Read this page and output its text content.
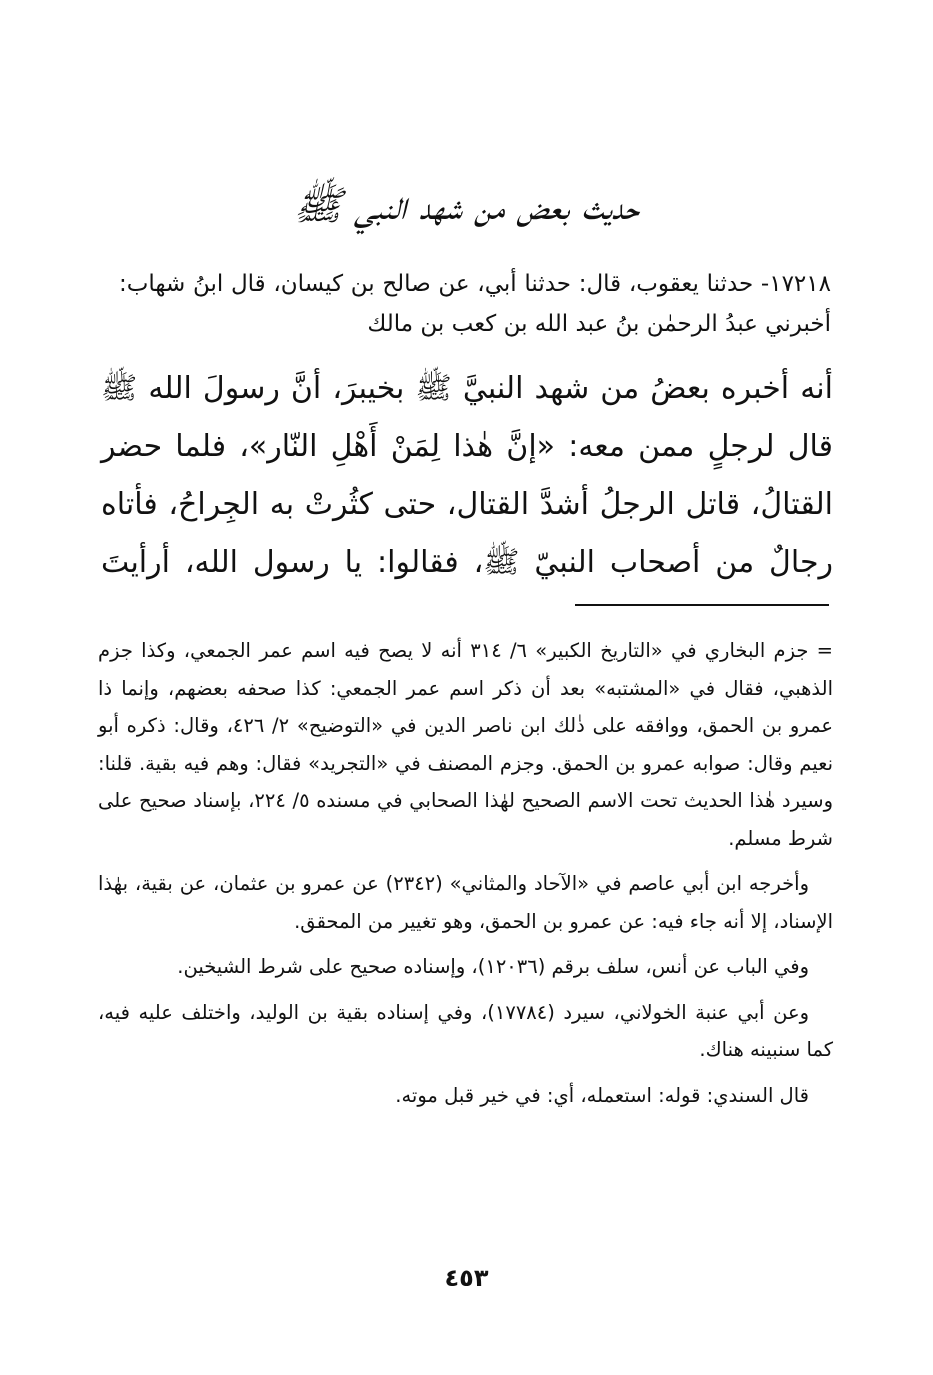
حديث بعض من شهد النبي ﷺ

١٧٢١٨- حدثنا يعقوب، قال: حدثنا أبي، عن صالح بن كيسان، قال ابنُ شهاب: أخبرني عبدُ الرحمٰن بنُ عبد الله بن كعب بن مالك

أنه أخبره بعضُ من شهد النبيَّ ﷺ بخيبرَ، أنَّ رسولَ الله ﷺ قال لرجلٍ ممن معه: «إنَّ هٰذا لِمَنْ أَهْلِ النّار»، فلما حضر القتالُ، قاتل الرجلُ أشدَّ القتال، حتى كثُرتْ به الجِراحُ، فأتاه رجالٌ من أصحاب النبيّ ﷺ، فقالوا: يا رسول الله، أرأيتَ

= جزم البخاري في «التاريخ الكبير» ٦/ ٣١٤ أنه لا يصح فيه اسم عمر الجمعي، وكذا جزم الذهبي، فقال في «المشتبه» بعد أن ذكر اسم عمر الجمعي: كذا صحفه بعضهم، وإنما ذا عمرو بن الحمق، ووافقه على ذٰلك ابن ناصر الدين في «التوضيح» ٢/ ٤٢٦، وقال: ذكره أبو نعيم وقال: صوابه عمرو بن الحمق. وجزم المصنف في «التجريد» فقال: وهم فيه بقية. قلنا: وسيرد هٰذا الحديث تحت الاسم الصحيح لهٰذا الصحابي في مسنده ٥/ ٢٢٤، بإسناد صحيح على شرط مسلم.

وأخرجه ابن أبي عاصم في «الآحاد والمثاني» (٢٣٤٢) عن عمرو بن عثمان، عن بقية، بهٰذا الإسناد، إلا أنه جاء فيه: عن عمرو بن الحمق، وهو تغيير من المحقق.

وفي الباب عن أنس، سلف برقم (١٢٠٣٦)، وإسناده صحيح على شرط الشيخين.

وعن أبي عنبة الخولاني، سيرد (١٧٧٨٤)، وفي إسناده بقية بن الوليد، واختلف عليه فيه، كما سنبينه هناك.

قال السندي: قوله: استعمله، أي: في خير قبل موته.

٤٥٣
